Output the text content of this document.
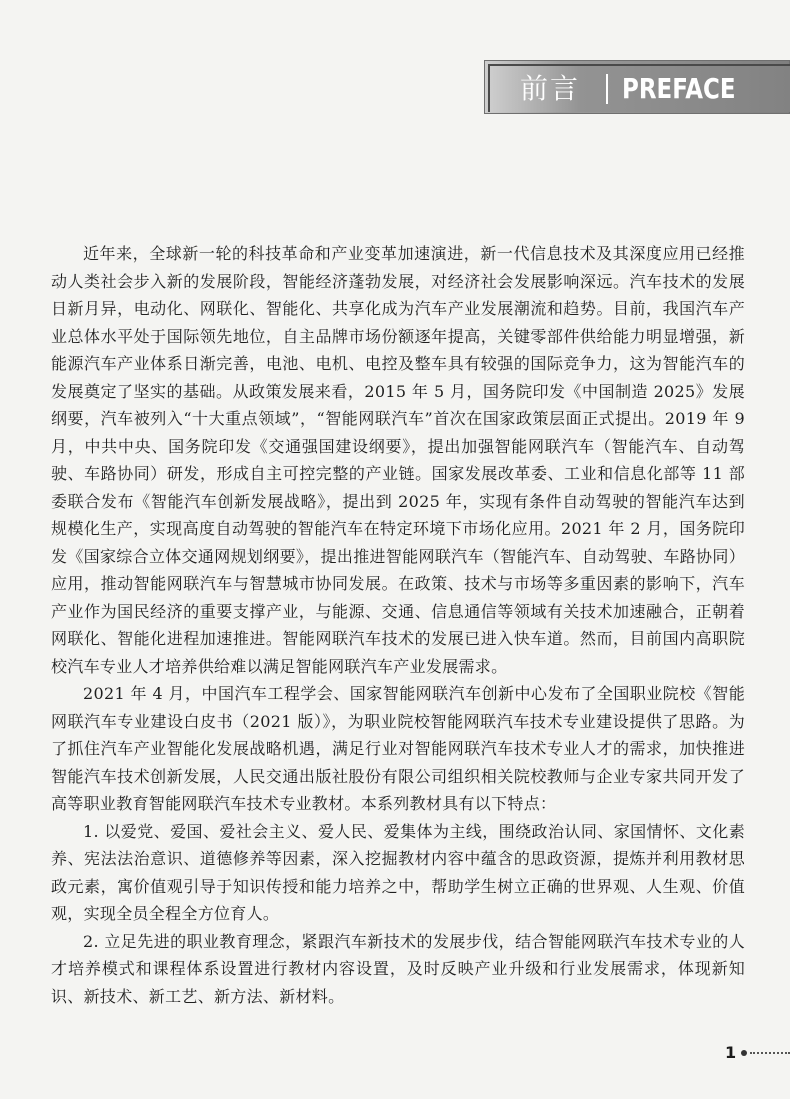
前言 PREFACE

近年来，全球新一轮的科技革命和产业变革加速演进，新一代信息技术及其深度应用已经推动人类社会步入新的发展阶段，智能经济蓬勃发展，对经济社会发展影响深远。汽车技术的发展日新月异，电动化、网联化、智能化、共享化成为汽车产业发展潮流和趋势。目前，我国汽车产业总体水平处于国际领先地位，自主品牌市场份额逐年提高，关键零部件供给能力明显增强，新能源汽车产业体系日渐完善，电池、电机、电控及整车具有较强的国际竞争力，这为智能汽车的发展奠定了坚实的基础。从政策发展来看，2015 年 5 月，国务院印发《中国制造 2025》发展纲要，汽车被列入“十大重点领域”，“智能网联汽车”首次在国家政策层面正式提出。2019 年 9 月，中共中央、国务院印发《交通强国建设纲要》，提出加强智能网联汽车（智能汽车、自动驾驶、车路协同）研发，形成自主可控完整的产业链。国家发展改革委、工业和信息化部等 11 部委联合发布《智能汽车创新发展战略》，提出到 2025 年，实现有条件自动驾驶的智能汽车达到规模化生产，实现高度自动驾驶的智能汽车在特定环境下市场化应用。2021 年 2 月，国务院印发《国家综合立体交通网规划纲要》，提出推进智能网联汽车（智能汽车、自动驾驶、车路协同）应用，推动智能网联汽车与智慧城市协同发展。在政策、技术与市场等多重因素的影响下，汽车产业作为国民经济的重要支撑产业，与能源、交通、信息通信等领域有关技术加速融合，正朝着网联化、智能化进程加速推进。智能网联汽车技术的发展已进入快车道。然而，目前国内高职院校汽车专业人才培养供给难以满足智能网联汽车产业发展需求。

2021 年 4 月，中国汽车工程学会、国家智能网联汽车创新中心发布了全国职业院校《智能网联汽车专业建设白皮书（2021 版）》，为职业院校智能网联汽车技术专业建设提供了思路。为了抓住汽车产业智能化发展战略机遇，满足行业对智能网联汽车技术专业人才的需求，加快推进智能汽车技术创新发展，人民交通出版社股份有限公司组织相关院校教师与企业专家共同开发了高等职业教育智能网联汽车技术专业教材。本系列教材具有以下特点：

1. 以爱党、爱国、爱社会主义、爱人民、爱集体为主线，围绕政治认同、家国情怀、文化素养、宪法法治意识、道德修养等因素，深入挖掘教材内容中蕴含的思政资源，提炼并利用教材思政元素，寓价值观引导于知识传授和能力培养之中，帮助学生树立正确的世界观、人生观、价值观，实现全员全程全方位育人。

2. 立足先进的职业教育理念，紧跟汽车新技术的发展步伐，结合智能网联汽车技术专业的人才培养模式和课程体系设置进行教材内容设置，及时反映产业升级和行业发展需求，体现新知识、新技术、新工艺、新方法、新材料。

1
